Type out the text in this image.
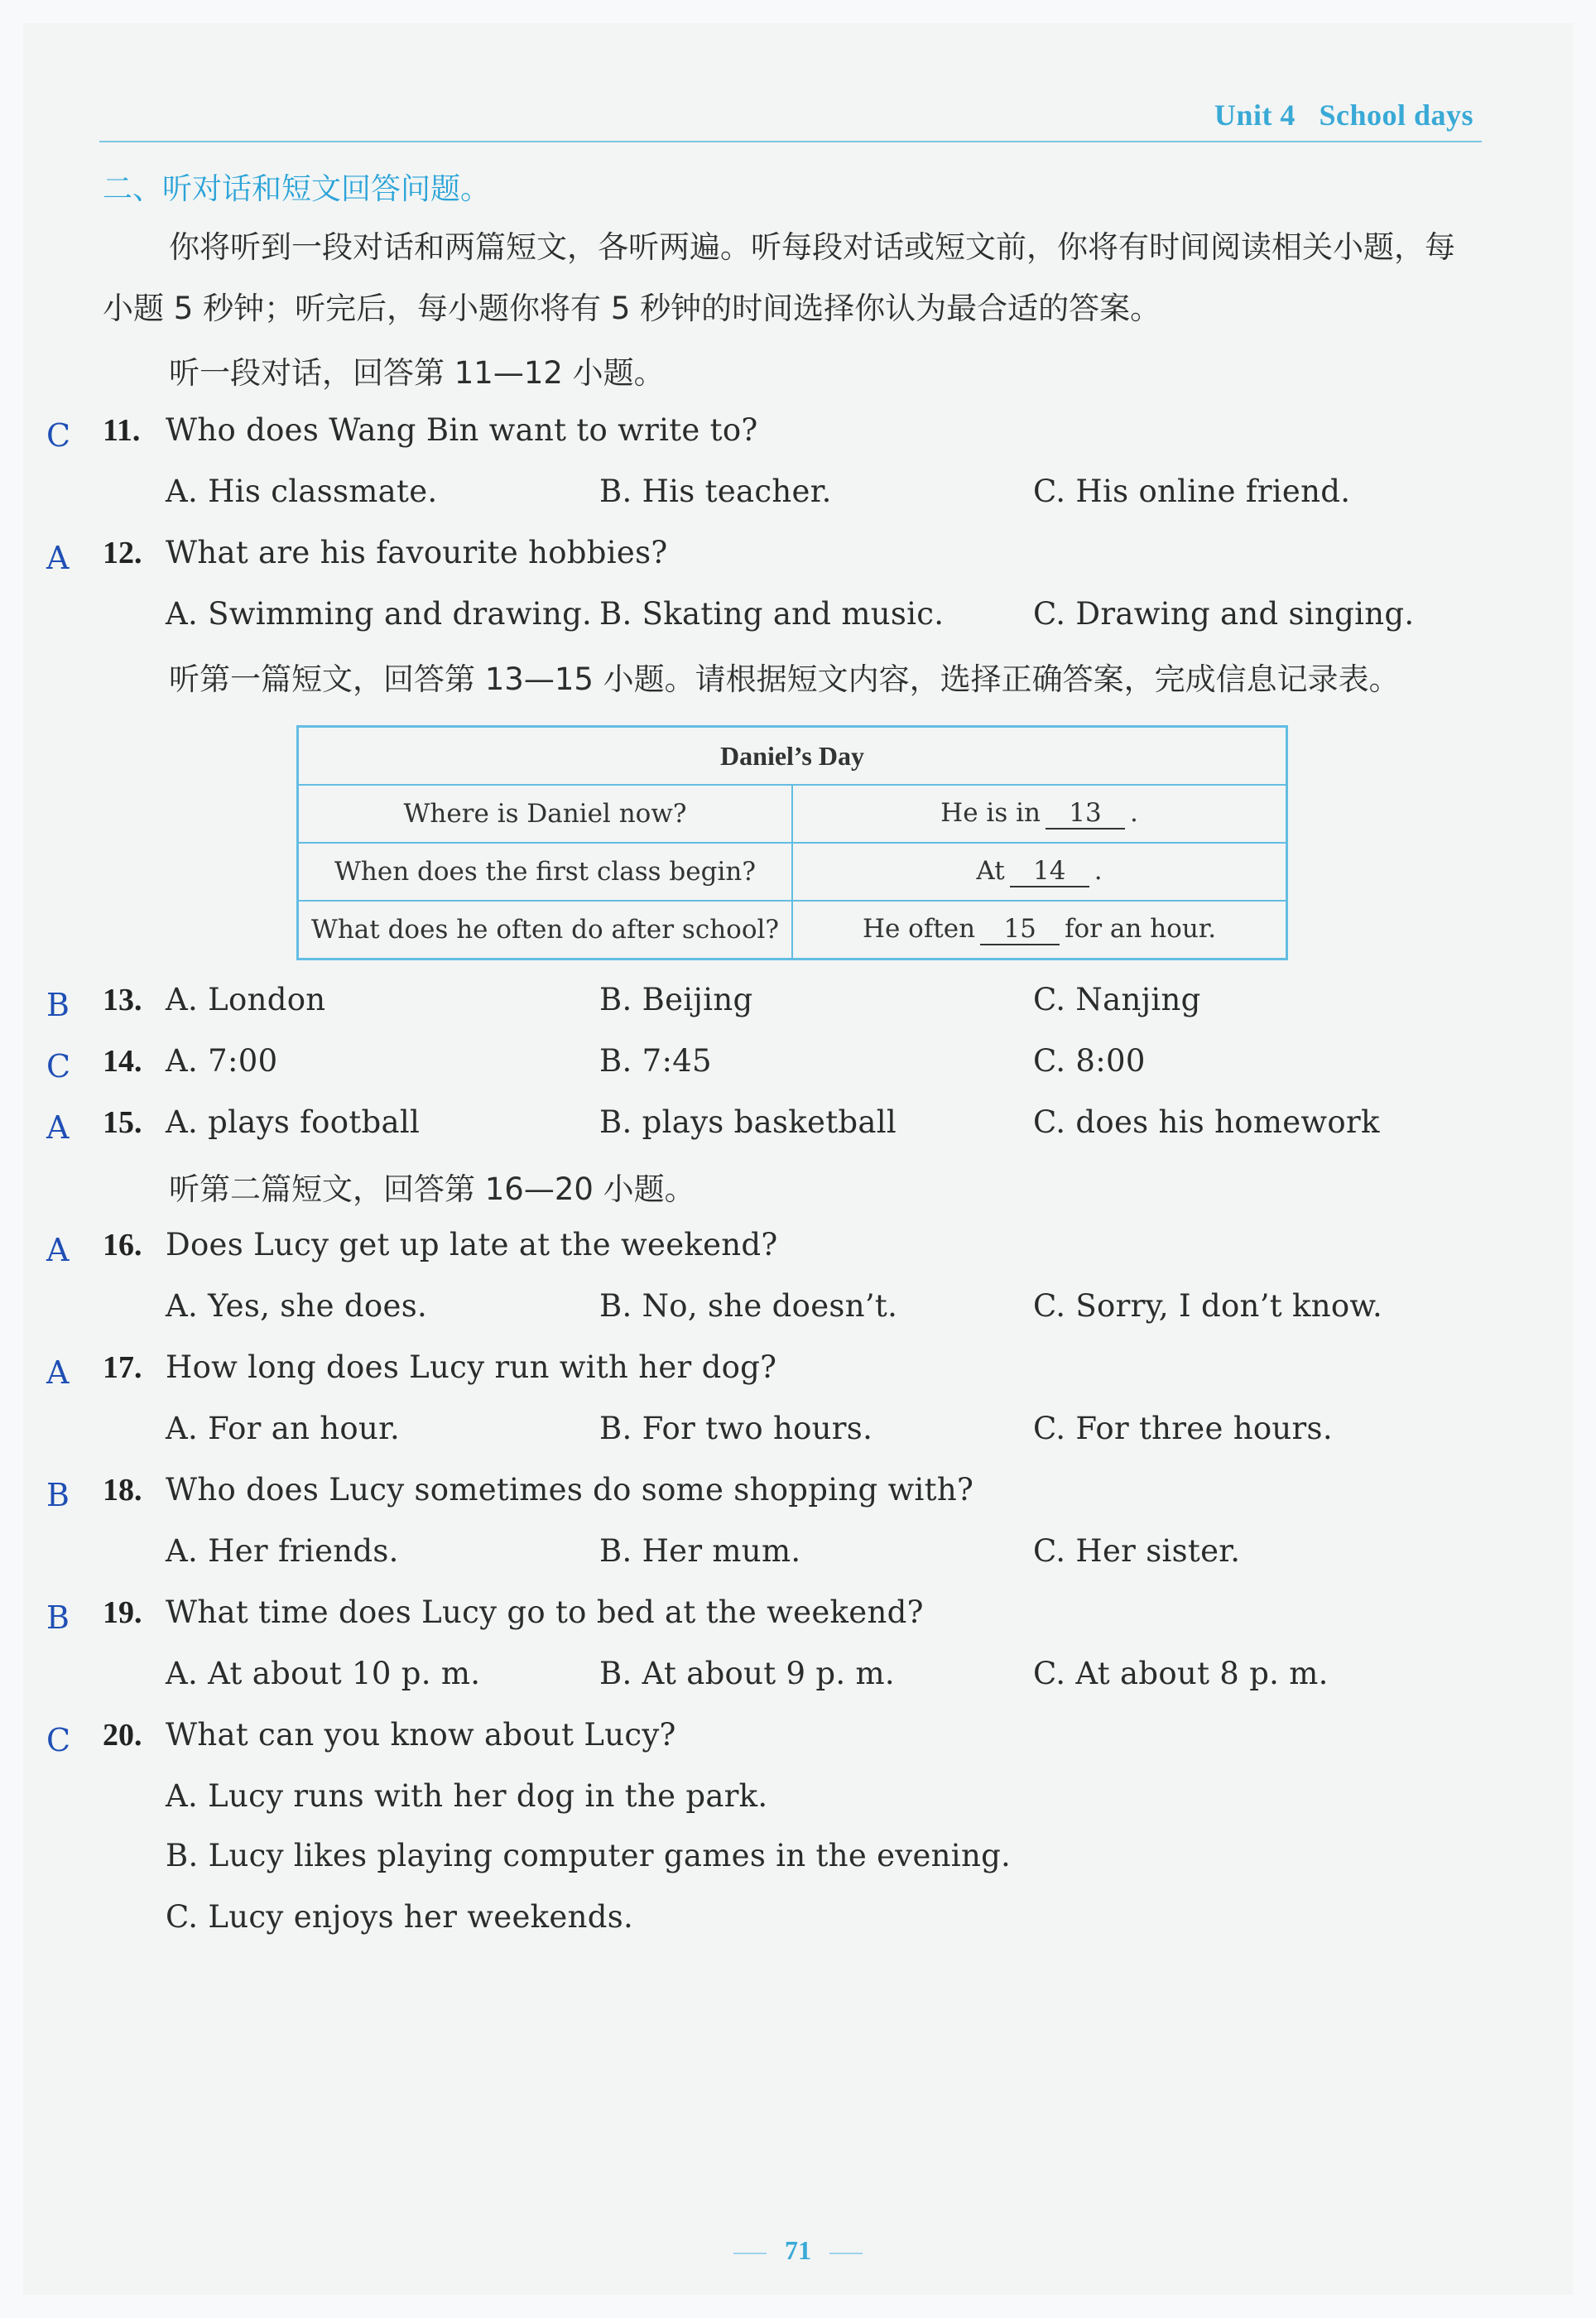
Unit 4 School days
二、听对话和短文回答问题。
你将听到一段对话和两篇短文，各听两遍。听每段对话或短文前，你将有时间阅读相关小题，每小题 5 秒钟；听完后，每小题你将有 5 秒钟的时间选择你认为最合适的答案。
听一段对话，回答第 11—12 小题。
C 11. Who does Wang Bin want to write to?
A. His classmate.	B. His teacher.	C. His online friend.
A 12. What are his favourite hobbies?
A. Swimming and drawing. B. Skating and music.	C. Drawing and singing.
听第一篇短文，回答第 13—15 小题。请根据短文内容，选择正确答案，完成信息记录表。
Daniel’s Day	
Where is Daniel now?	He is in 13 .
When does the first class begin?	At 14 .
What does he often do after school?	He often 15 for an hour.
B 13. A. London	B. Beijing	C. Nanjing
C 14. A. 7:00	B. 7:45	C. 8:00
A 15. A. plays football	B. plays basketball	C. does his homework
听第二篇短文，回答第 16—20 小题。
A 16. Does Lucy get up late at the weekend?
A. Yes, she does.	B. No, she doesn’t.	C. Sorry, I don’t know.
A 17. How long does Lucy run with her dog?
A. For an hour.	B. For two hours.	C. For three hours.
B 18. Who does Lucy sometimes do some shopping with?
A. Her friends.	B. Her mum.	C. Her sister.
B 19. What time does Lucy go to bed at the weekend?
A. At about 10 p. m.	B. At about 9 p. m.	C. At about 8 p. m.
C 20. What can you know about Lucy?
A. Lucy runs with her dog in the park.
B. Lucy likes playing computer games in the evening.
C. Lucy enjoys her weekends.
71
